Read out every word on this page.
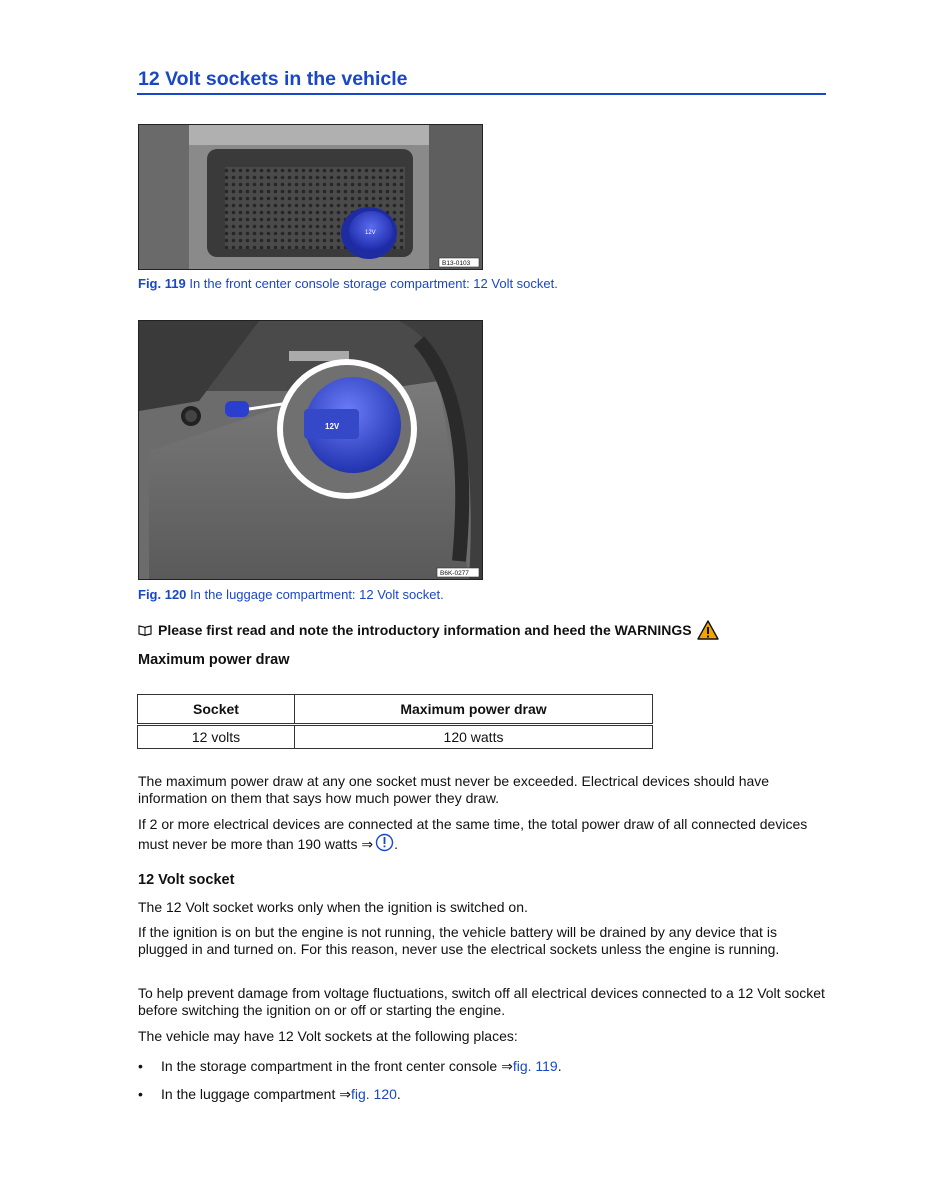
12 Volt sockets in the vehicle
12V
B13-0103
Fig. 119 In the front center console storage compartment: 12 Volt socket.
12V
B6K-0277
Fig. 120 In the luggage compartment: 12 Volt socket.
Please first read and note the introductory information and heed the WARNINGS
Maximum power draw
Socket	Maximum power draw
12 volts	120 watts
The maximum power draw at any one socket must never be exceeded. Electrical devices should have information on them that says how much power they draw.
If 2 or more electrical devices are connected at the same time, the total power draw of all connected devices must never be more than 190 watts ⇒ .
12 Volt socket
The 12 Volt socket works only when the ignition is switched on.
If the ignition is on but the engine is not running, the vehicle battery will be drained by any device that is plugged in and turned on. For this reason, never use the electrical sockets unless the engine is running.
To help prevent damage from voltage fluctuations, switch off all electrical devices connected to a 12 Volt socket before switching the ignition on or off or starting the engine.
The vehicle may have 12 Volt sockets at the following places:
•	In the storage compartment in the front center console ⇒fig. 119.
•	In the luggage compartment ⇒fig. 120.
